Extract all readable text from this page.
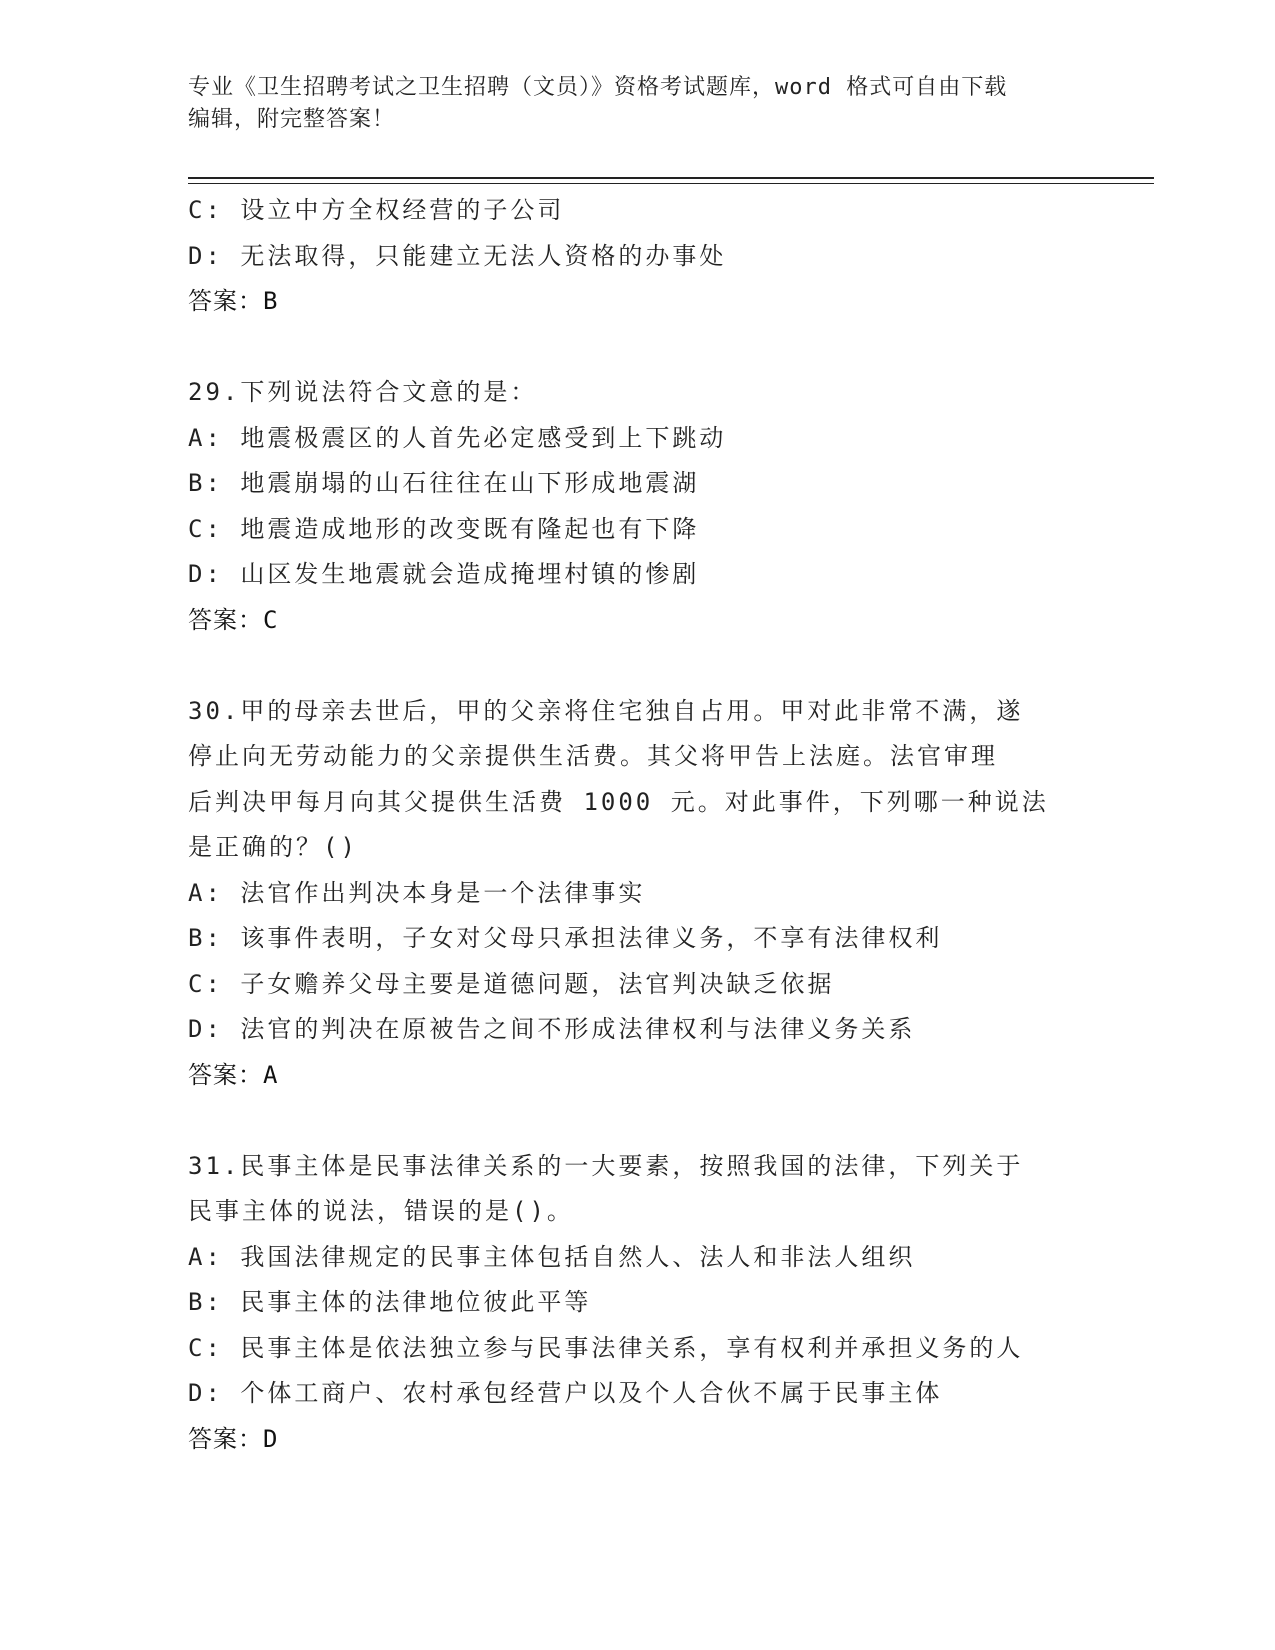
专业《卫生招聘考试之卫生招聘（文员）》资格考试题库，word 格式可自由下载
编辑，附完整答案！
C: 设立中方全权经营的子公司
D: 无法取得，只能建立无法人资格的办事处
答案：B
29.下列说法符合文意的是：
A: 地震极震区的人首先必定感受到上下跳动
B: 地震崩塌的山石往往在山下形成地震湖
C: 地震造成地形的改变既有隆起也有下降
D: 山区发生地震就会造成掩埋村镇的惨剧
答案：C
30.甲的母亲去世后，甲的父亲将住宅独自占用。甲对此非常不满，遂
停止向无劳动能力的父亲提供生活费。其父将甲告上法庭。法官审理
后判决甲每月向其父提供生活费 1000 元。对此事件，下列哪一种说法
是正确的？()
A: 法官作出判决本身是一个法律事实
B: 该事件表明，子女对父母只承担法律义务，不享有法律权利
C: 子女赡养父母主要是道德问题，法官判决缺乏依据
D: 法官的判决在原被告之间不形成法律权利与法律义务关系
答案：A
31.民事主体是民事法律关系的一大要素，按照我国的法律，下列关于
民事主体的说法，错误的是()。
A: 我国法律规定的民事主体包括自然人、法人和非法人组织
B: 民事主体的法律地位彼此平等
C: 民事主体是依法独立参与民事法律关系，享有权利并承担义务的人
D: 个体工商户、农村承包经营户以及个人合伙不属于民事主体
答案：D
